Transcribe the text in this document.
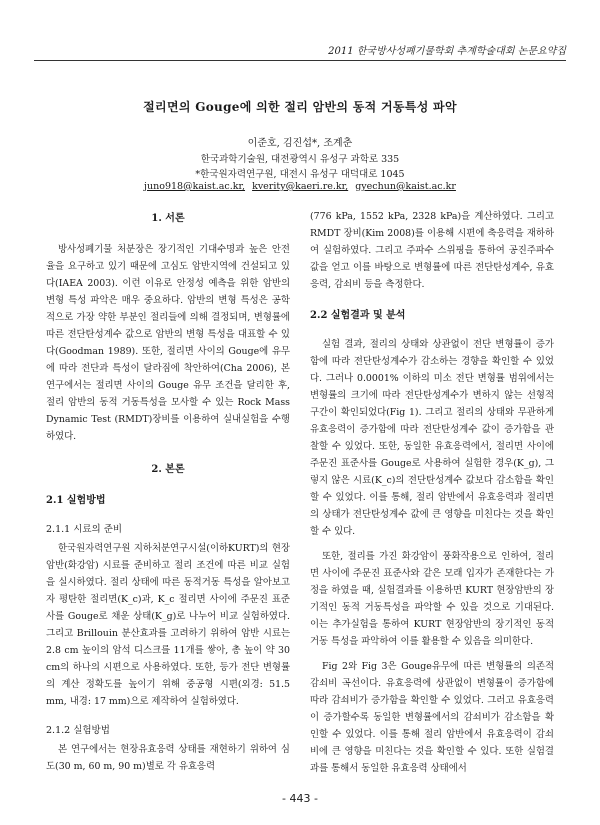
2011 한국방사성폐기물학회 추계학술대회 논문요약집
절리면의 Gouge에 의한 절리 암반의 동적 거동특성 파악
이준호, 김진섭*, 조계춘
한국과학기술원, 대전광역시 유성구 과학로 335
*한국원자력연구원, 대전시 유성구 대덕대로 1045
juno918@kaist.ac.kr, kverity@kaeri.re.kr, gyechun@kaist.ac.kr
1. 서론

방사성폐기물 처분장은 장기적인 기대수명과 높은 안전율을 요구하고 있기 때문에 고심도 암반지역에 건설되고 있다(IAEA 2003). 이런 이유로 안정성 예측을 위한 암반의 변형 특성 파악은 매우 중요하다. 암반의 변형 특성은 공학적으로 가장 약한 부분인 절리들에 의해 결정되며, 변형률에 따른 전단탄성계수 값으로 암반의 변형 특성을 대표할 수 있다(Goodman 1989). 또한, 절리면 사이의 Gouge에 유무에 따라 전단과 특성이 달라짐에 착안하여(Cha 2006), 본 연구에서는 절리면 사이의 Gouge 유무 조건을 달리한 후, 절리 암반의 동적 거동특성을 모사할 수 있는 Rock Mass Dynamic Test (RMDT)장비를 이용하여 실내실험을 수행하였다.

2. 본론
2.1 실험방법
2.1.1 시료의 준비

한국원자력연구원 지하처분연구시설(이하KURT)의 현장암반(화강암) 시료를 준비하고 절리 조건에 따른 비교 실험을 실시하였다. 절리 상태에 따른 동적거동 특성을 알아보고자 평탄한 절리면(K_c)과, K_c 절리면 사이에 주문진 표준사를 Gouge로 채운 상태(K_g)로 나누어 비교 실험하였다. 그리고 Brillouin 분산효과를 고려하기 위하여 암반 시료는 2.8 cm 높이의 암석 디스크를 11개를 쌓아, 총 높이 약 30 cm의 하나의 시편으로 사용하였다. 또한, 등가 전단 변형률의 계산 정확도를 높이기 위해 중공형 시편(외경: 51.5 mm, 내경: 17 mm)으로 제작하여 실험하였다.

2.1.2 실험방법

본 연구에서는 현장유효응력 상태를 재현하기 위하여 심도(30 m, 60 m, 90 m)별로 각 유효응력

(776 kPa, 1552 kPa, 2328 kPa)을 계산하였다. 그리고 RMDT 장비(Kim 2008)를 이용해 시편에 축응력을 재하하여 실험하였다. 그리고 주파수 스위핑을 통하여 공진주파수 값을 얻고 이를 바탕으로 변형률에 따른 전단탄성계수, 유효응력, 감쇠비 등을 측정한다.

2.2 실험결과 및 분석

실험 결과, 절리의 상태와 상관없이 전단 변형률이 증가함에 따라 전단탄성계수가 감소하는 경향을 확인할 수 있었다. 그러나 0.0001% 이하의 미소 전단 변형률 범위에서는 변형률의 크기에 따라 전단탄성계수가 변하지 않는 선형적 구간이 확인되었다(Fig 1). 그리고 절리의 상태와 무관하게 유효응력이 증가함에 따라 전단탄성계수 값이 증가함을 관찰할 수 있었다. 또한, 동일한 유효응력에서, 절리면 사이에 주문진 표준사를 Gouge로 사용하여 실험한 경우(K_g), 그렇지 않은 시료(K_c)의 전단탄성계수 값보다 감소함을 확인할 수 있었다. 이를 통해, 절리 암반에서 유효응력과 절리면의 상태가 전단탄성계수 값에 큰 영향을 미친다는 것을 확인할 수 있다.

또한, 절리를 가진 화강암이 풍화작용으로 인하여, 절리면 사이에 주문진 표준사와 같은 모래 입자가 존재한다는 가정을 하였을 때, 실험결과를 이용하면 KURT 현장암반의 장기적인 동적 거동특성을 파악할 수 있을 것으로 기대된다. 이는 추가실험을 통하여 KURT 현장암반의 장기적인 동적 거동 특성을 파악하여 이를 활용할 수 있음을 의미한다.

Fig 2와 Fig 3은 Gouge유무에 따른 변형률의 의존적 감쇠비 곡선이다. 유효응력에 상관없이 변형률이 증가함에 따라 감쇠비가 증가함을 확인할 수 있었다. 그러고 유효응력이 증가할수록 동일한 변형률에서의 감쇠비가 감소함을 확인할 수 있었다. 이를 통해 절리 암반에서 유효응력이 감쇠비에 큰 영향을 미친다는 것을 확인할 수 있다. 또한 실험결과를 통해서 동일한 유효응력 상태에서

- 443 -
